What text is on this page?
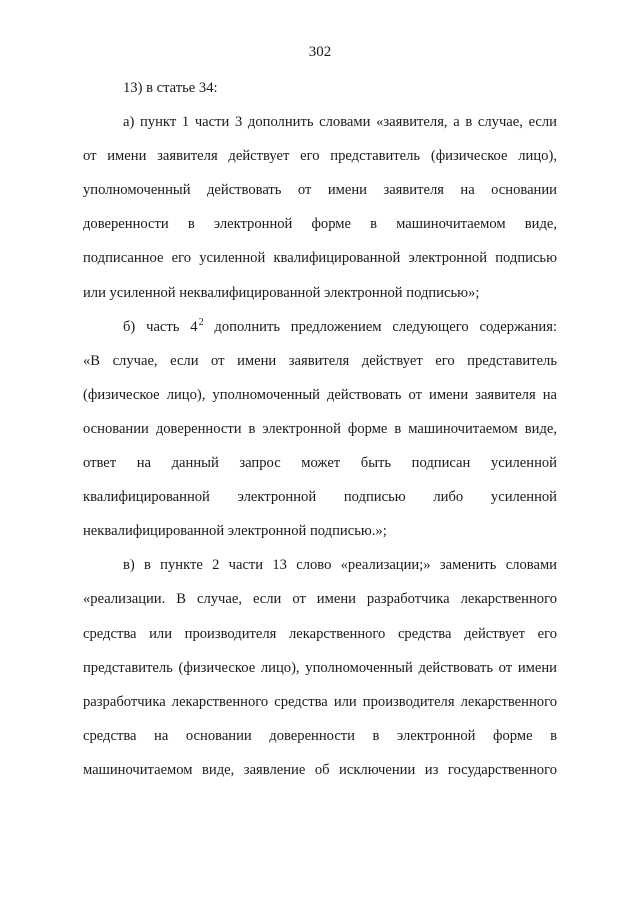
302
13) в статье 34:
а) пункт 1 части 3 дополнить словами «заявителя, а в случае, если
от имени заявителя действует его представитель (физическое лицо),
уполномоченный действовать от имени заявителя на основании
доверенности в электронной форме в машиночитаемом виде,
подписанное его усиленной квалифицированной электронной подписью
или усиленной неквалифицированной электронной подписью»;
б) часть $4^2$ дополнить предложением следующего содержания:
«В случае, если от имени заявителя действует его представитель
(физическое лицо), уполномоченный действовать от имени заявителя на
основании доверенности в электронной форме в машиночитаемом виде,
ответ на данный запрос может быть подписан усиленной
квалифицированной электронной подписью либо усиленной
неквалифицированной электронной подписью.»;
в) в пункте 2 части 13 слово «реализации;» заменить словами
«реализации. В случае, если от имени разработчика лекарственного
средства или производителя лекарственного средства действует его
представитель (физическое лицо), уполномоченный действовать от имени
разработчика лекарственного средства или производителя лекарственного
средства на основании доверенности в электронной форме в
машиночитаемом виде, заявление об исключении из государственного
